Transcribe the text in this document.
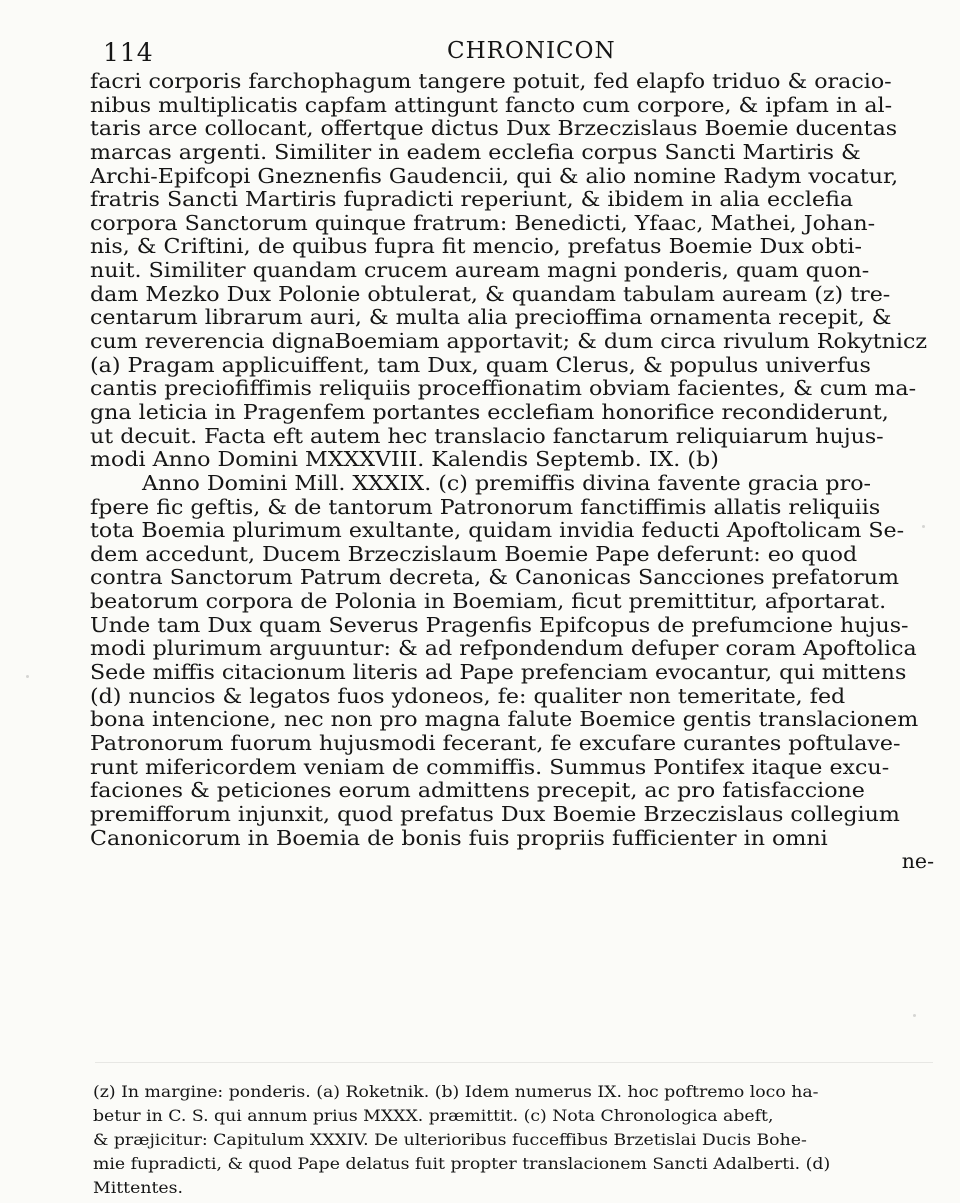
114	CHRONICON
facri corporis farchophagum tangere potuit, fed elapfo triduo & oracio-
nibus multiplicatis capfam attingunt fancto cum corpore, & ipfam in al-
taris arce collocant, offertque dictus Dux Brzeczislaus Boemie ducentas
marcas argenti. Similiter in eadem ecclefia corpus Sancti Martiris &
Archi-Epifcopi Gneznenfis Gaudencii, qui & alio nomine Radym vocatur,
fratris Sancti Martiris fupradicti reperiunt, & ibidem in alia ecclefia
corpora Sanctorum quinque fratrum: Benedicti, Yfaac, Mathei, Johan-
nis, & Criftini, de quibus fupra fit mencio, prefatus Boemie Dux obti-
nuit. Similiter quandam crucem auream magni ponderis, quam quon-
dam Mezko Dux Polonie obtulerat, & quandam tabulam auream (z) tre-
centarum librarum auri, & multa alia precioffima ornamenta recepit, &
cum reverencia dignaBoemiam apportavit; & dum circa rivulum Rokytnicz
(a) Pragam applicuiffent, tam Dux, quam Clerus, & populus univerfus
cantis preciofiffimis reliquiis proceffionatim obviam facientes, & cum ma-
gna leticia in Pragenfem portantes ecclefiam honorifice recondiderunt,
ut decuit. Facta eft autem hec translacio fanctarum reliquiarum hujus-
modi Anno Domini MXXXVIII. Kalendis Septemb. IX. (b)
Anno Domini Mill. XXXIX. (c) premiffis divina favente gracia pro-
fpere fic geftis, & de tantorum Patronorum fanctiffimis allatis reliquiis
tota Boemia plurimum exultante, quidam invidia feducti Apoftolicam Se-
dem accedunt, Ducem Brzeczislaum Boemie Pape deferunt: eo quod
contra Sanctorum Patrum decreta, & Canonicas Sancciones prefatorum
beatorum corpora de Polonia in Boemiam, ficut premittitur, afportarat.
Unde tam Dux quam Severus Pragenfis Epifcopus de prefumcione hujus-
modi plurimum arguuntur: & ad refpondendum defuper coram Apoftolica
Sede miffis citacionum literis ad Pape prefenciam evocantur, qui mittens
(d) nuncios & legatos fuos ydoneos, fe: qualiter non temeritate, fed
bona intencione, nec non pro magna falute Boemice gentis translacionem
Patronorum fuorum hujusmodi fecerant, fe excufare curantes poftulave-
runt mifericordem veniam de commiffis. Summus Pontifex itaque excu-
faciones & peticiones eorum admittens precepit, ac pro fatisfaccione
premifforum injunxit, quod prefatus Dux Boemie Brzeczislaus collegium
Canonicorum in Boemia de bonis fuis propriis fufficienter in omni
ne-
(z) In margine: ponderis. (a) Roketnik. (b) Idem numerus IX. hoc poftremo loco ha-
betur in C. S. qui annum prius MXXX. præmittit. (c) Nota Chronologica abeft,
& præjicitur: Capitulum XXXIV. De ulterioribus fucceffibus Brzetislai Ducis Bohe-
mie fupradicti, & quod Pape delatus fuit propter translacionem Sancti Adalberti. (d)
Mittentes.
